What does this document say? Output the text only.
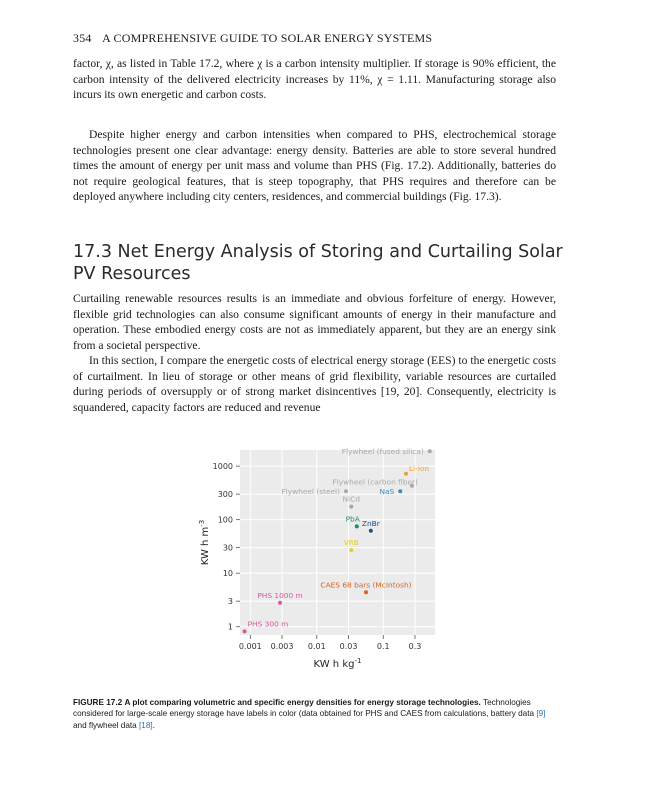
354 A COMPREHENSIVE GUIDE TO SOLAR ENERGY SYSTEMS

factor, χ, as listed in Table 17.2, where χ is a carbon intensity multiplier. If storage is 90% efficient, the carbon intensity of the delivered electricity increases by 11%, χ = 1.11. Manufacturing storage also incurs its own energetic and carbon costs.

Despite higher energy and carbon intensities when compared to PHS, electrochemical storage technologies present one clear advantage: energy density. Batteries are able to store several hundred times the amount of energy per unit mass and volume than PHS (Fig. 17.2). Additionally, batteries do not require geological features, that is steep topography, that PHS requires and therefore can be deployed anywhere including city centers, residences, and commercial buildings (Fig. 17.3).

17.3 Net Energy Analysis of Storing and Curtailing Solar PV Resources

Curtailing renewable resources results is an immediate and obvious forfeiture of energy. However, flexible grid technologies can also consume significant amounts of energy in their manufacture and operation. These embodied energy costs are not as immediately apparent, but they are an energy sink from a societal perspective.

In this section, I compare the energetic costs of electrical energy storage (EES) to the energetic costs of curtailment. In lieu of storage or other means of grid flexibility, variable resources are curtailed during periods of oversupply or of strong market disincentives [19, 20]. Consequently, electricity is squandered, capacity factors are reduced and revenue

1
3
10
30
100
300
1000
0.001 0.003 0.01 0.03 0.1 0.3
KW h $kg^{-1}$
KW h $m^{-3}$
Flywheel (fused silica)
Li-ion
Flywheel (carbon fiber)
NaS
Flywheel (steel)
NiCd
PbA ZnBr
VRB
CAES 68 bars (McIntosh)
PHS 1000 m
PHS 300 m

FIGURE 17.2 A plot comparing volumetric and specific energy densities for energy storage technologies. Technologies considered for large-scale energy storage have labels in color (data obtained for PHS and CAES from calculations, battery data [9] and flywheel data [18].
